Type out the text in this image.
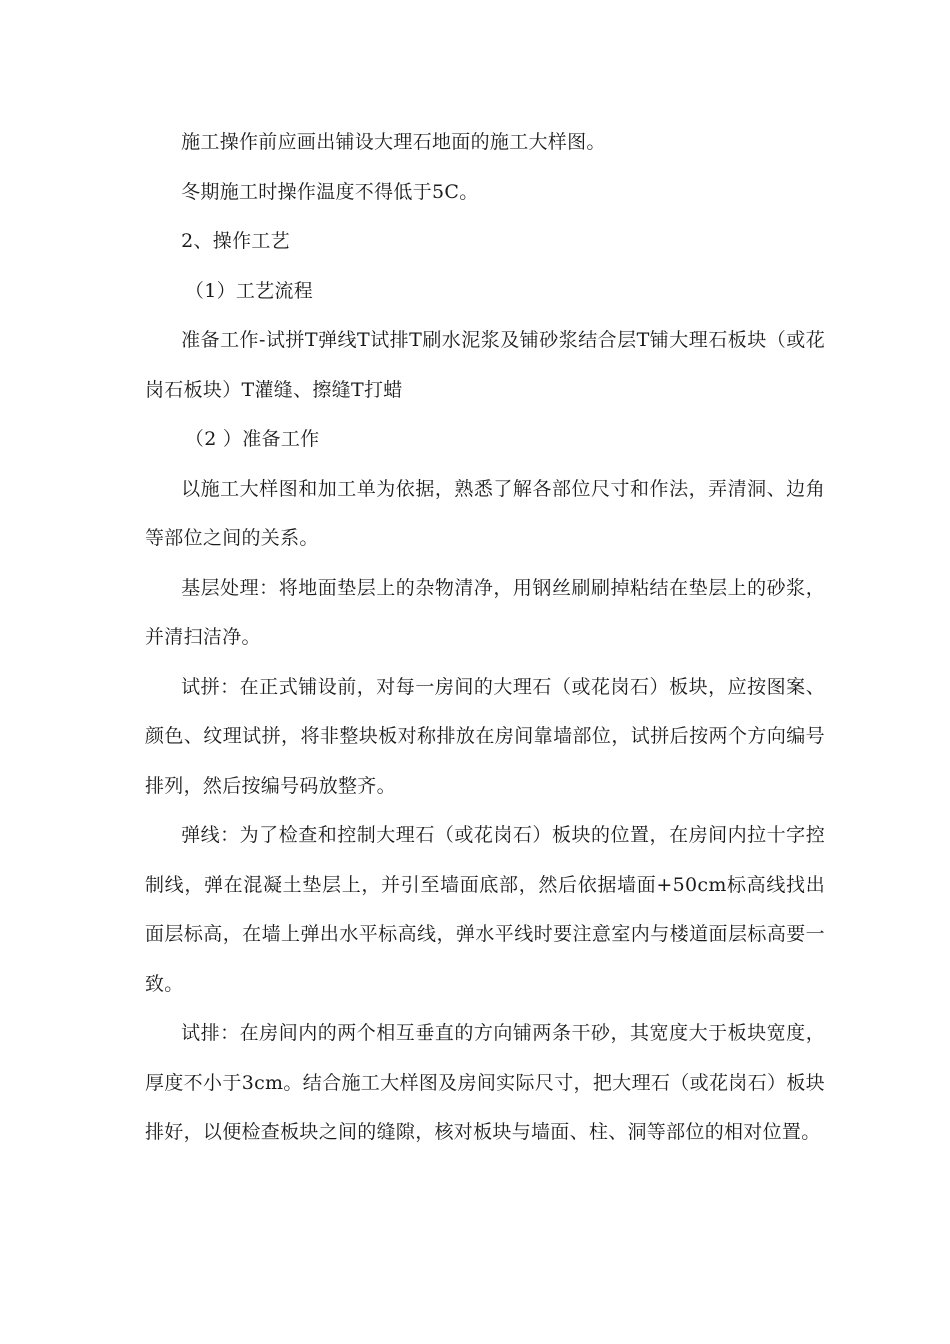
施工操作前应画出铺设大理石地面的施工大样图。

冬期施工时操作温度不得低于5C。

2、操作工艺

（1）工艺流程

准备工作-试拼T弹线T试排T刷水泥浆及铺砂浆结合层T铺大理石板块（或花岗石板块）T灌缝、擦缝T打蜡

（2 ）准备工作

以施工大样图和加工单为依据，熟悉了解各部位尺寸和作法，弄清洞、边角等部位之间的关系。

基层处理：将地面垫层上的杂物清净，用钢丝刷刷掉粘结在垫层上的砂浆，并清扫洁净。

试拼：在正式铺设前，对每一房间的大理石（或花岗石）板块，应按图案、颜色、纹理试拼，将非整块板对称排放在房间靠墙部位，试拼后按两个方向编号排列，然后按编号码放整齐。

弹线：为了检查和控制大理石（或花岗石）板块的位置，在房间内拉十字控制线，弹在混凝土垫层上，并引至墙面底部，然后依据墙面+50cm标高线找出面层标高，在墙上弹出水平标高线，弹水平线时要注意室内与楼道面层标高要一致。

试排：在房间内的两个相互垂直的方向铺两条干砂，其宽度大于板块宽度，厚度不小于3cm。结合施工大样图及房间实际尺寸，把大理石（或花岗石）板块排好，以便检查板块之间的缝隙，核对板块与墙面、柱、洞等部位的相对位置。
